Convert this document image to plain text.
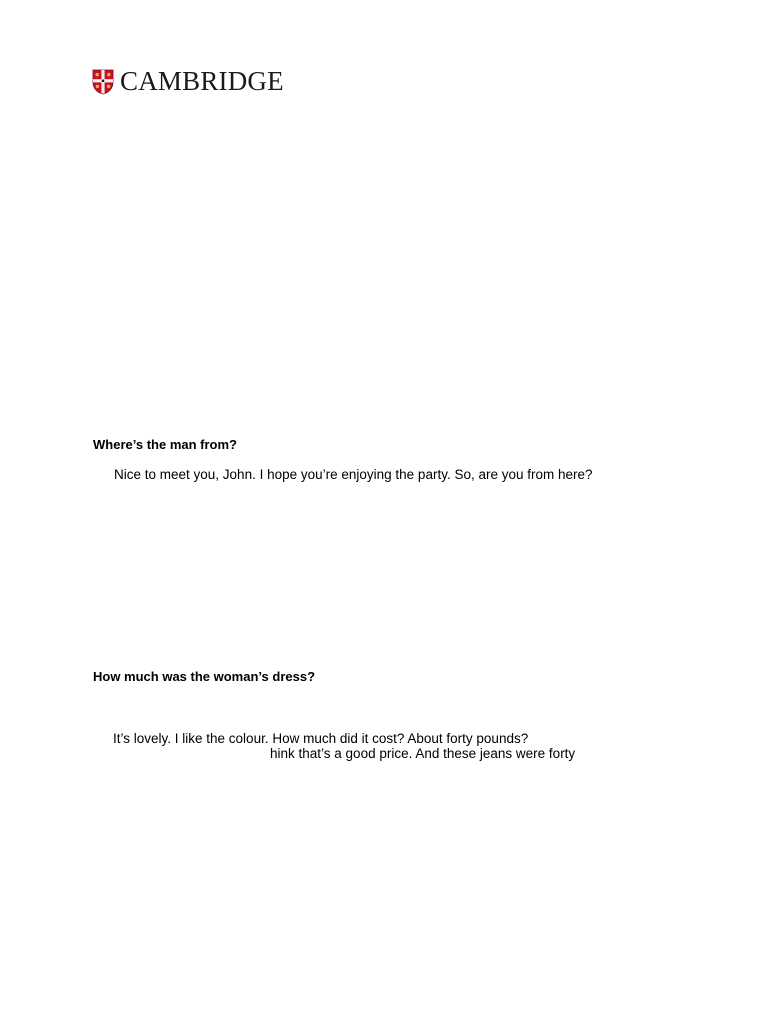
CAMBRIDGE
Where’s the man from?
Nice to meet you, John. I hope you’re enjoying the party. So, are you from here?
How much was the woman’s dress?
It’s lovely. I like the colour. How much did it cost? About forty pounds?
hink that’s a good price. And these jeans were forty
